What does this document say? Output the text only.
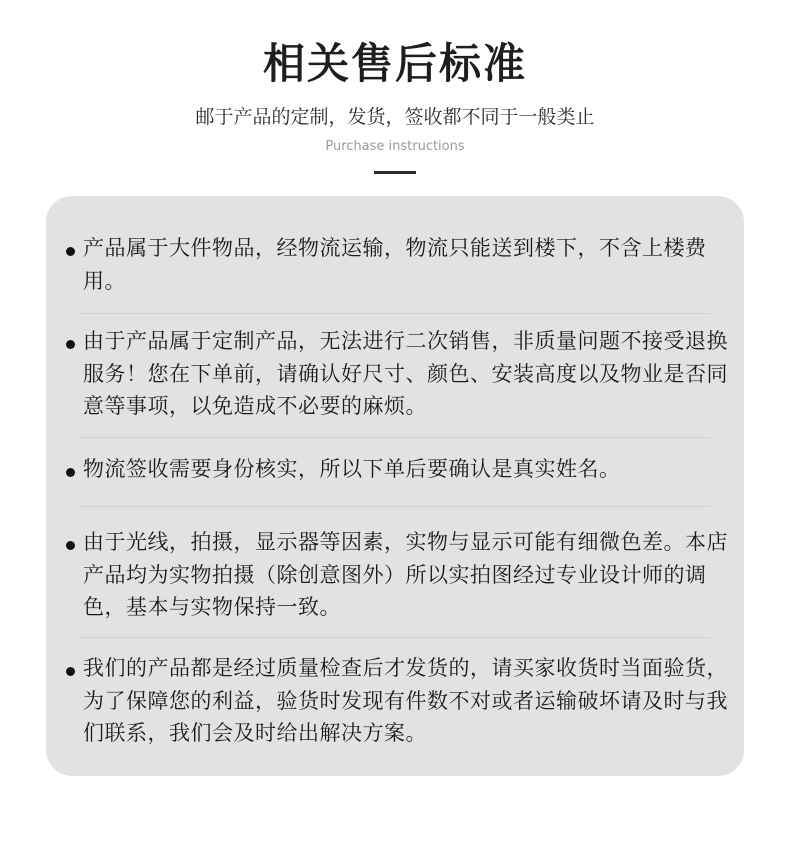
相关售后标准
邮于产品的定制，发货，签收都不同于一般类止
Purchase instructions
产品属于大件物品，经物流运输，物流只能送到楼下，不含上楼费用。
由于产品属于定制产品，无法进行二次销售，非质量问题不接受退换服务！您在下单前，请确认好尺寸、颜色、安装高度以及物业是否同意等事项，以免造成不必要的麻烦。
物流签收需要身份核实，所以下单后要确认是真实姓名。
由于光线，拍摄，显示器等因素，实物与显示可能有细微色差。本店产品均为实物拍摄（除创意图外）所以实拍图经过专业设计师的调色，基本与实物保持一致。
我们的产品都是经过质量检查后才发货的，请买家收货时当面验货，为了保障您的利益，验货时发现有件数不对或者运输破坏请及时与我们联系，我们会及时给出解决方案。
